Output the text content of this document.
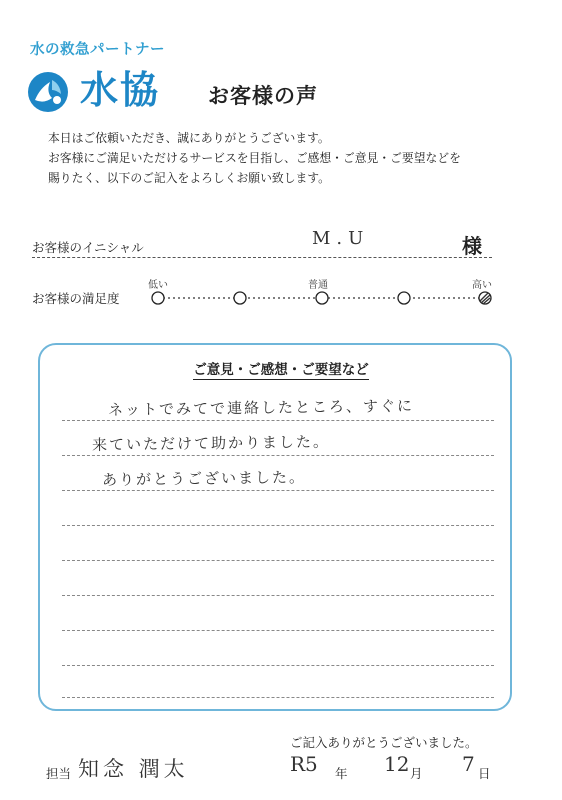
水の救急パートナー
水協 お客様の声

本日はご依頼いただき、誠にありがとうございます。

お客様にご満足いただけるサービスを目指し、ご感想・ご意見・ご要望などを

賜りたく、以下のご記入をよろしくお願い致します。

お客様のイニシャル	M.U	様
お客様の満足度
低い	普通	高い
ご意見・ご感想・ご要望など
ネットでみてで連絡したところ、すぐに
来ていただけて助かりました。
ありがとうございました。
ご記入ありがとうございました。
担当 知念 潤太	R5 年 12 月 7 日
